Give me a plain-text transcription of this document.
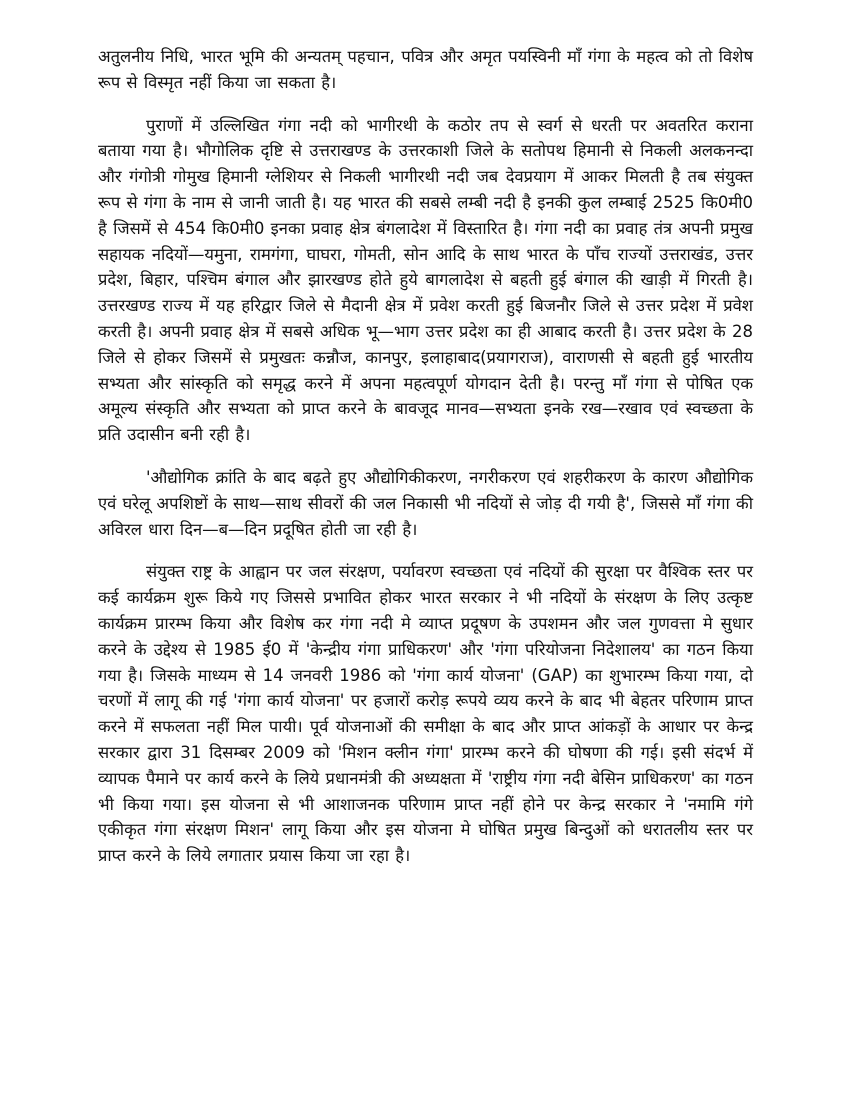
अतुलनीय निधि, भारत भूमि की अन्यतम् पहचान, पवित्र और अमृत पयस्विनी माँ गंगा के महत्व को तो विशेष रूप से विस्मृत नहीं किया जा सकता है।

पुराणों में उल्लिखित गंगा नदी को भागीरथी के कठोर तप से स्वर्ग से धरती पर अवतरित कराना बताया गया है। भौगोलिक दृष्टि से उत्तराखण्ड के उत्तरकाशी जिले के सतोपथ हिमानी से निकली अलकनन्दा और गंगोत्री गोमुख हिमानी ग्लेशियर से निकली भागीरथी नदी जब देवप्रयाग में आकर मिलती है तब संयुक्त रूप से गंगा के नाम से जानी जाती है। यह भारत की सबसे लम्बी नदी है इनकी कुल लम्बाई 2525 कि0मी0 है जिसमें से 454 कि0मी0 इनका प्रवाह क्षेत्र बंगलादेश में विस्तारित है। गंगा नदी का प्रवाह तंत्र अपनी प्रमुख सहायक नदियों—यमुना, रामगंगा, घाघरा, गोमती, सोन आदि के साथ भारत के पाँच राज्यों उत्तराखंड, उत्तर प्रदेश, बिहार, पश्चिम बंगाल और झारखण्ड होते हुये बागलादेश से बहती हुई बंगाल की खाड़ी में गिरती है। उत्तरखण्ड राज्य में यह हरिद्वार जिले से मैदानी क्षेत्र में प्रवेश करती हुई बिजनौर जिले से उत्तर प्रदेश में प्रवेश करती है। अपनी प्रवाह क्षेत्र में सबसे अधिक भू—भाग उत्तर प्रदेश का ही आबाद करती है। उत्तर प्रदेश के 28 जिले से होकर जिसमें से प्रमुखतः कन्नौज, कानपुर, इलाहाबाद(प्रयागराज), वाराणसी से बहती हुई भारतीय सभ्यता और सांस्कृति को समृद्ध करने में अपना महत्वपूर्ण योगदान देती है। परन्तु माँ गंगा से पोषित एक अमूल्य संस्कृति और सभ्यता को प्राप्त करने के बावजूद मानव—सभ्यता इनके रख—रखाव एवं स्वच्छता के प्रति उदासीन बनी रही है।

'औद्योगिक क्रांति के बाद बढ़ते हुए औद्योगिकीकरण, नगरीकरण एवं शहरीकरण के कारण औद्योगिक एवं घरेलू अपशिष्टों के साथ—साथ सीवरों की जल निकासी भी नदियों से जोड़ दी गयी है', जिससे माँ गंगा की अविरल धारा दिन—ब—दिन प्रदूषित होती जा रही है।

संयुक्त राष्ट्र के आह्वान पर जल संरक्षण, पर्यावरण स्वच्छता एवं नदियों की सुरक्षा पर वैश्विक स्तर पर कई कार्यक्रम शुरू किये गए जिससे प्रभावित होकर भारत सरकार ने भी नदियों के संरक्षण के लिए उत्कृष्ट कार्यक्रम प्रारम्भ किया और विशेष कर गंगा नदी मे व्याप्त प्रदूषण के उपशमन और जल गुणवत्ता मे सुधार करने के उद्देश्य से 1985 ई0 में 'केन्द्रीय गंगा प्राधिकरण' और 'गंगा परियोजना निदेशालय' का गठन किया गया है। जिसके माध्यम से 14 जनवरी 1986 को 'गंगा कार्य योजना' (GAP) का शुभारम्भ किया गया, दो चरणों में लागू की गई 'गंगा कार्य योजना' पर हजारों करोड़ रूपये व्यय करने के बाद भी बेहतर परिणाम प्राप्त करने में सफलता नहीं मिल पायी। पूर्व योजनाओं की समीक्षा के बाद और प्राप्त आंकड़ों के आधार पर केन्द्र सरकार द्वारा 31 दिसम्बर 2009 को 'मिशन क्लीन गंगा' प्रारम्भ करने की घोषणा की गई। इसी संदर्भ में व्यापक पैमाने पर कार्य करने के लिये प्रधानमंत्री की अध्यक्षता में 'राष्ट्रीय गंगा नदी बेसिन प्राधिकरण' का गठन भी किया गया। इस योजना से भी आशाजनक परिणाम प्राप्त नहीं होने पर केन्द्र सरकार ने 'नमामि गंगे एकीकृत गंगा संरक्षण मिशन' लागू किया और इस योजना मे घोषित प्रमुख बिन्दुओं को धरातलीय स्तर पर प्राप्त करने के लिये लगातार प्रयास किया जा रहा है।
